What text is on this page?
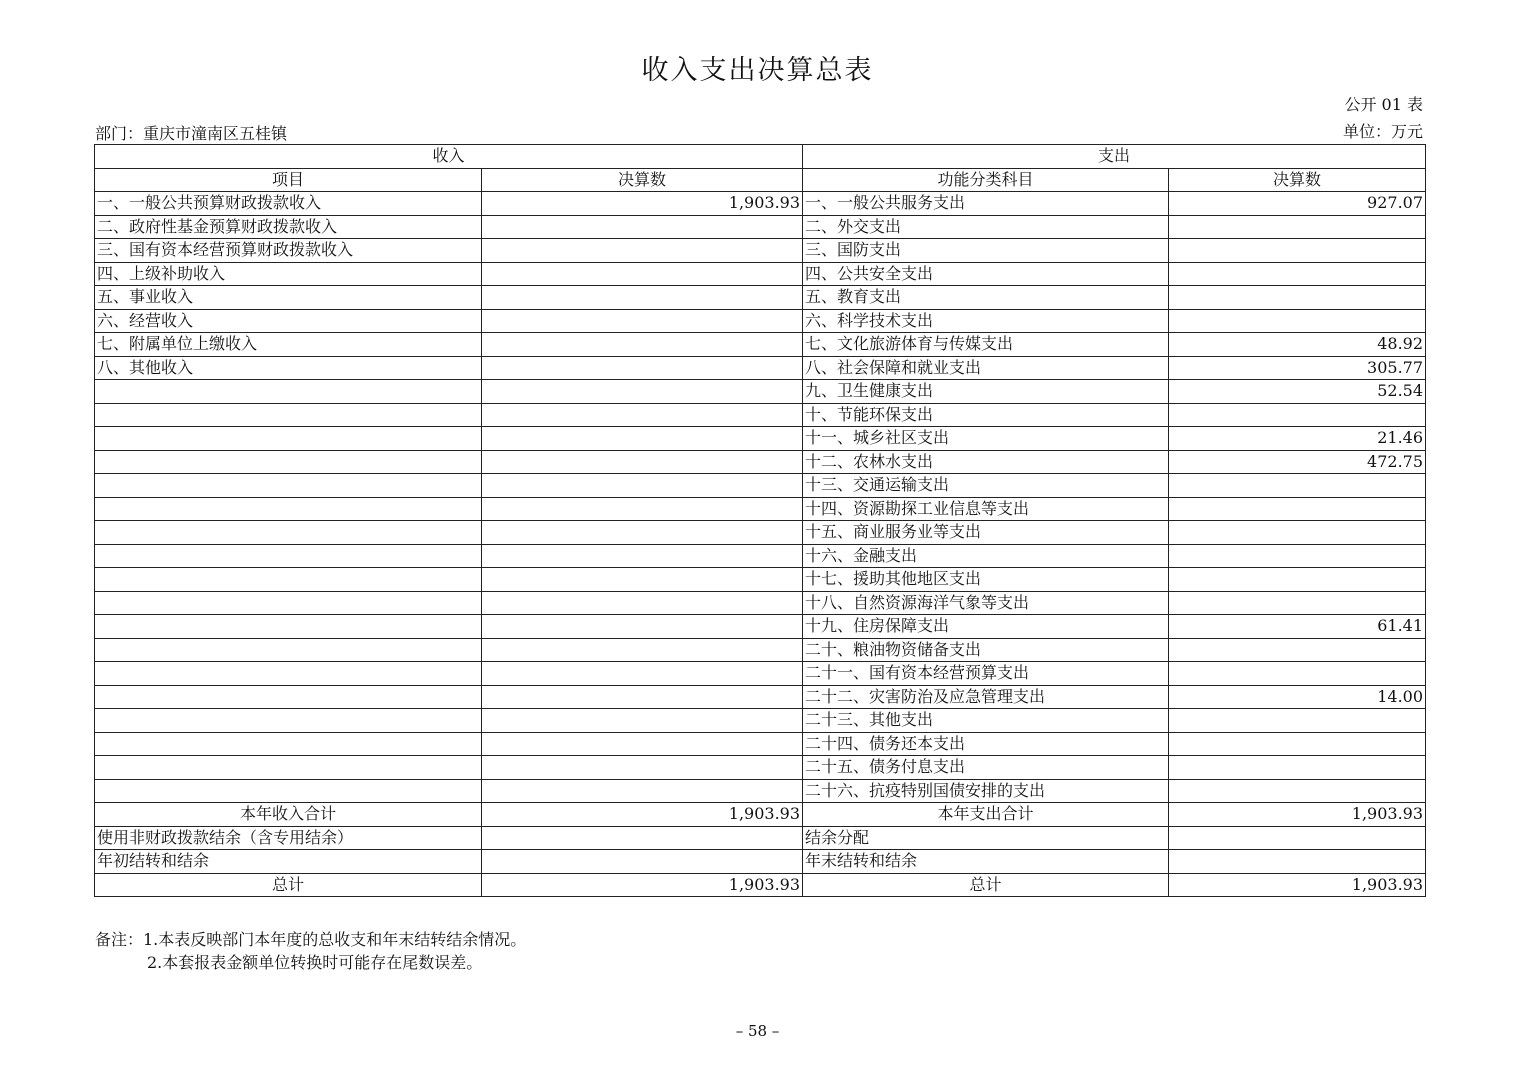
收入支出决算总表
公开 01 表
部门：重庆市潼南区五桂镇	单位：万元
收入		支出	
项目	决算数	功能分类科目	决算数
一、一般公共预算财政拨款收入	1,903.93	一、一般公共服务支出	927.07
二、政府性基金预算财政拨款收入		二、外交支出	
三、国有资本经营预算财政拨款收入		三、国防支出	
四、上级补助收入		四、公共安全支出	
五、事业收入		五、教育支出	
六、经营收入		六、科学技术支出	
七、附属单位上缴收入		七、文化旅游体育与传媒支出	48.92
八、其他收入		八、社会保障和就业支出	305.77
		九、卫生健康支出	52.54
		十、节能环保支出	
		十一、城乡社区支出	21.46
		十二、农林水支出	472.75
		十三、交通运输支出	
		十四、资源勘探工业信息等支出	
		十五、商业服务业等支出	
		十六、金融支出	
		十七、援助其他地区支出	
		十八、自然资源海洋气象等支出	
		十九、住房保障支出	61.41
		二十、粮油物资储备支出	
		二十一、国有资本经营预算支出	
		二十二、灾害防治及应急管理支出	14.00
		二十三、其他支出	
		二十四、债务还本支出	
		二十五、债务付息支出	
		二十六、抗疫特别国债安排的支出	
本年收入合计	1,903.93	本年支出合计	1,903.93
使用非财政拨款结余（含专用结余）		结余分配	
年初结转和结余		年末结转和结余	
总计	1,903.93	总计	1,903.93
备注：1.本表反映部门本年度的总收支和年末结转结余情况。
2.本套报表金额单位转换时可能存在尾数误差。
– 58 –
